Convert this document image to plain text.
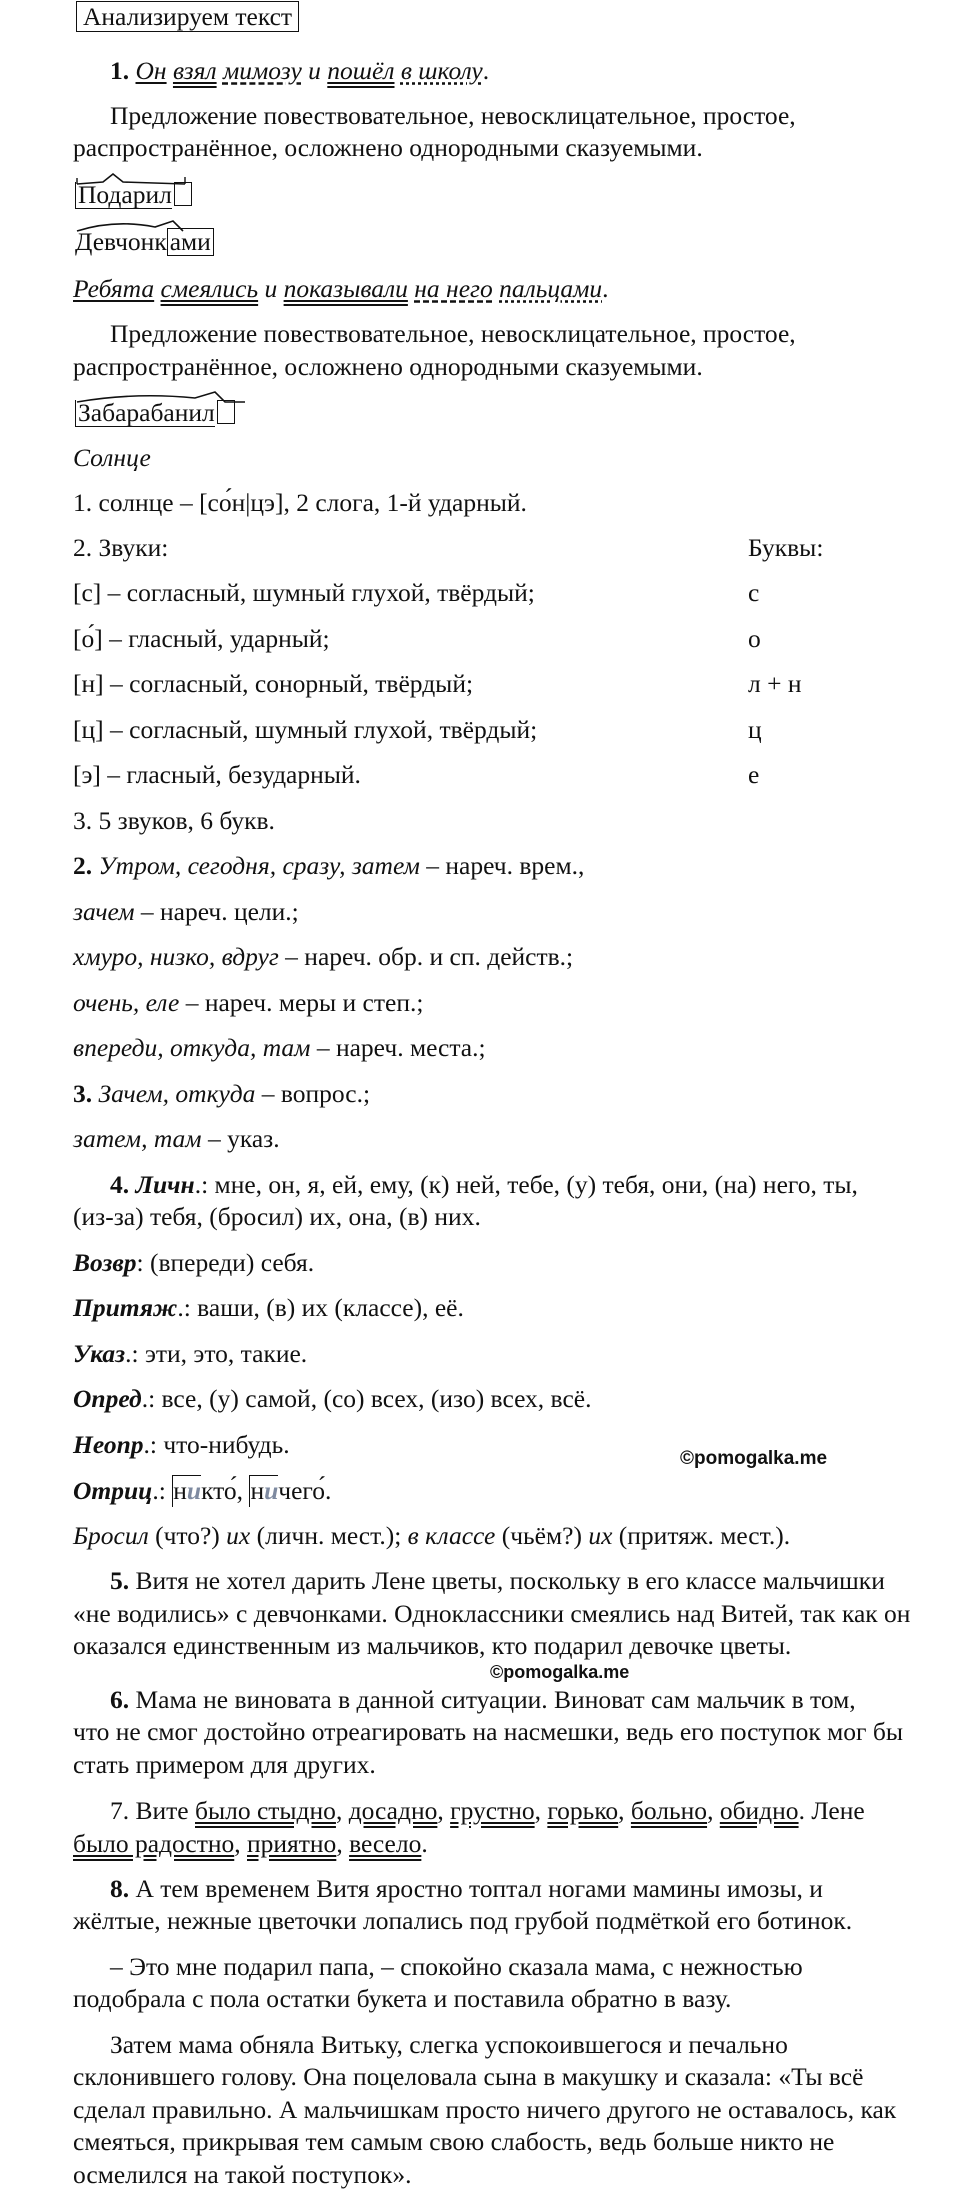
Анализируем текст
1. Он взял мимозу и пошёл в школу.
Предложение повествовательное, невосклицательное, простое,
распространённое, осложнено однородными сказуемыми.
Подарил
Девчонк ами
Ребята смеялись и показывали на него пальцами.
Предложение повествовательное, невосклицательное, простое,
распространённое, осложнено однородными сказуемыми.
Забарабанил
Солнце
1. солнце – [со́н|цэ], 2 слога, 1-й ударный.
2. Звуки:	Буквы:
[с] – согласный, шумный глухой, твёрдый;	с
[о́] – гласный, ударный;	о
[н] – согласный, сонорный, твёрдый;	л + н
[ц] – согласный, шумный глухой, твёрдый;	ц
[э] – гласный, безударный.	е
3. 5 звуков, 6 букв.
2. Утром, сегодня, сразу, затем – нареч. врем.,
зачем – нареч. цели.;
хмуро, низко, вдруг – нареч. обр. и сп. действ.;
очень, еле – нареч. меры и степ.;
впереди, откуда, там – нареч. места.;
3. Зачем, откуда – вопрос.;
затем, там – указ.
4. Личн.: мне, он, я, ей, ему, (к) ней, тебе, (у) тебя, они, (на) него, ты,
(из-за) тебя, (бросил) их, она, (в) них.
Возвр: (впереди) себя.
Притяж.: ваши, (в) их (классе), её.
Указ.: эти, это, такие.
Опред.: все, (у) самой, (со) всех, (изо) всех, всё.
Неопр.: что-нибудь.	©pomogalka.me
Отриц.: никто́, ничего́.
Бросил (что?) их (личн. мест.); в классе (чьём?) их (притяж. мест.).
5. Витя не хотел дарить Лене цветы, поскольку в его классе мальчишки
«не водились» с девчонками. Одноклассники смеялись над Витей, так как он
оказался единственным из мальчиков, кто подарил девочке цветы.
©pomogalka.me
6. Мама не виновата в данной ситуации. Виноват сам мальчик в том,
что не смог достойно отреагировать на насмешки, ведь его поступок мог бы
стать примером для других.
7. Вите было стыдно, досадно, грустно, горько, больно, обидно. Лене
было радостно, приятно, весело.
8. А тем временем Витя яростно топтал ногами мамины имозы, и
жёлтые, нежные цветочки лопались под грубой подмёткой его ботинок.
– Это мне подарил папа, – спокойно сказала мама, с нежностью
подобрала с пола остатки букета и поставила обратно в вазу.
Затем мама обняла Витьку, слегка успокоившегося и печально
склонившего голову. Она поцеловала сына в макушку и сказала: «Ты всё
сделал правильно. А мальчишкам просто ничего другого не оставалось, как
смеяться, прикрывая тем самым свою слабость, ведь больше никто не
осмелился на такой поступок».
